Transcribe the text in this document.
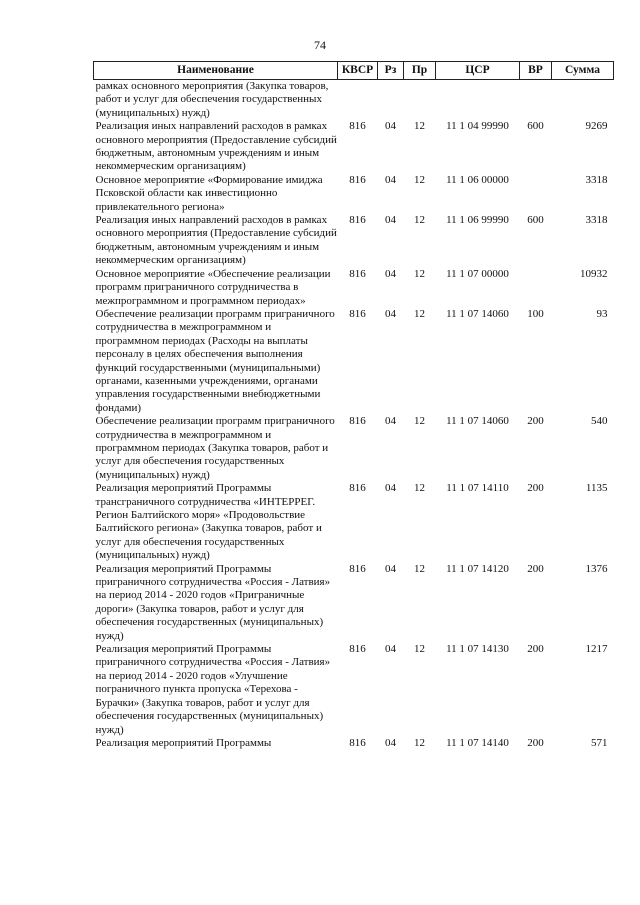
74
Наименование	КВСР	Рз	Пр	ЦСР	ВР	Сумма
рамках основного мероприятия (Закупка товаров, работ и услуг для обеспечения государственных (муниципальных) нужд)						
Реализация иных направлений расходов в рамках основного мероприятия (Предоставление субсидий бюджетным, автономным учреждениям и иным некоммерческим организациям)	816	04	12	11 1 04 99990	600	9269
Основное мероприятие «Формирование имиджа Псковской области как инвестиционно привлекательного региона»	816	04	12	11 1 06 00000		3318
Реализация иных направлений расходов в рамках основного мероприятия (Предоставление субсидий бюджетным, автономным учреждениям и иным некоммерческим организациям)	816	04	12	11 1 06 99990	600	3318
Основное мероприятие «Обеспечение реализации программ приграничного сотрудничества в межпрограммном и программном периодах»	816	04	12	11 1 07 00000		10932
Обеспечение реализации программ приграничного сотрудничества в межпрограммном и программном периодах (Расходы на выплаты персоналу в целях обеспечения выполнения функций государственными (муниципальными) органами, казенными учреждениями, органами управления государственными внебюджетными фондами)	816	04	12	11 1 07 14060	100	93
Обеспечение реализации программ приграничного сотрудничества в межпрограммном и программном периодах (Закупка товаров, работ и услуг для обеспечения государственных (муниципальных) нужд)	816	04	12	11 1 07 14060	200	540
Реализация мероприятий Программы трансграничного сотрудничества «ИНТЕРРЕГ. Регион Балтийского моря» «Продовольствие Балтийского региона» (Закупка товаров, работ и услуг для обеспечения государственных (муниципальных) нужд)	816	04	12	11 1 07 14110	200	1135
Реализация мероприятий Программы приграничного сотрудничества «Россия - Латвия» на период 2014 - 2020 годов «Приграничные дороги» (Закупка товаров, работ и услуг для обеспечения государственных (муниципальных) нужд)	816	04	12	11 1 07 14120	200	1376
Реализация мероприятий Программы приграничного сотрудничества «Россия - Латвия» на период 2014 - 2020 годов «Улучшение пограничного пункта пропуска «Терехова - Бурачки» (Закупка товаров, работ и услуг для обеспечения государственных (муниципальных) нужд)	816	04	12	11 1 07 14130	200	1217
Реализация мероприятий Программы	816	04	12	11 1 07 14140	200	571
